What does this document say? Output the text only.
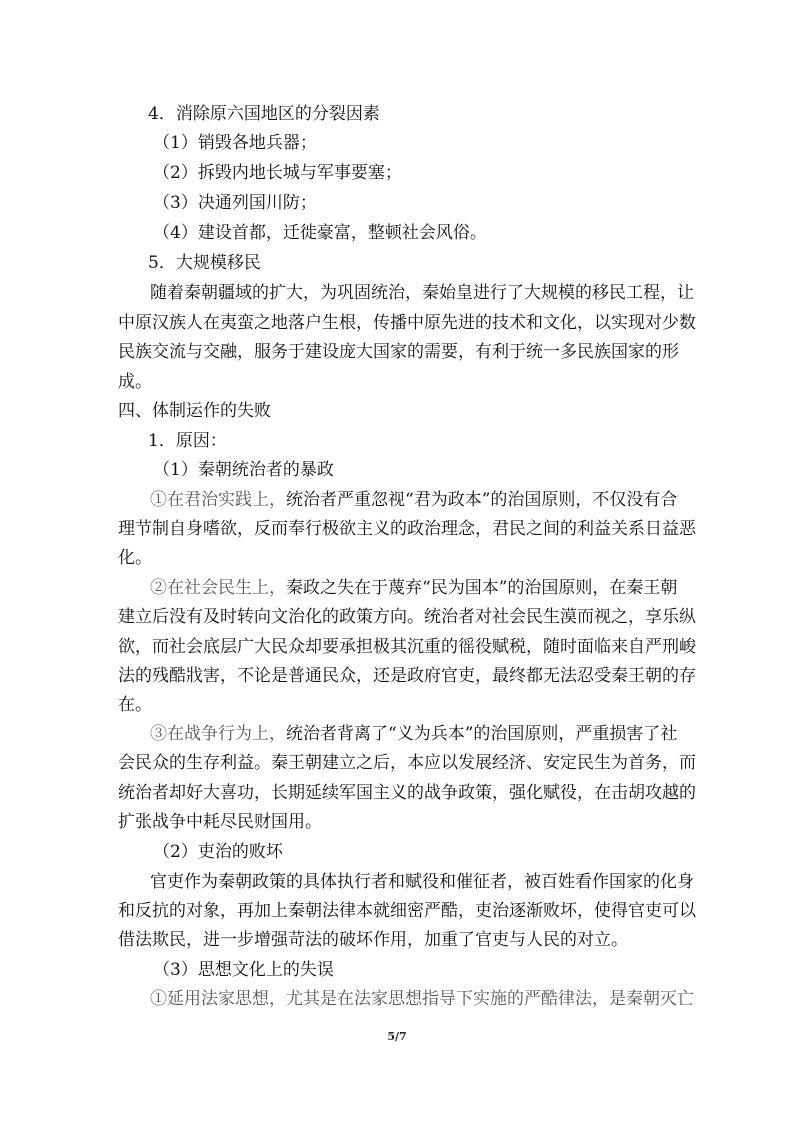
4．消除原六国地区的分裂因素
（1）销毁各地兵器；
（2）拆毁内地长城与军事要塞；
（3）决通列国川防；
（4）建设首都，迁徙豪富，整顿社会风俗。
5．大规模移民
随着秦朝疆域的扩大，为巩固统治，秦始皇进行了大规模的移民工程，让
中原汉族人在夷蛮之地落户生根，传播中原先进的技术和文化，以实现对少数
民族交流与交融，服务于建设庞大国家的需要，有利于统一多民族国家的形
成。
四、体制运作的失败
1．原因：
（1）秦朝统治者的暴政
①在君治实践上，统治者严重忽视“君为政本”的治国原则，不仅没有合
理节制自身嗜欲，反而奉行极欲主义的政治理念，君民之间的利益关系日益恶
化。
②在社会民生上，秦政之失在于蔑弃“民为国本”的治国原则，在秦王朝
建立后没有及时转向文治化的政策方向。统治者对社会民生漠而视之，享乐纵
欲，而社会底层广大民众却要承担极其沉重的徭役赋税，随时面临来自严刑峻
法的残酷戕害，不论是普通民众，还是政府官吏，最终都无法忍受秦王朝的存
在。
③在战争行为上，统治者背离了“义为兵本”的治国原则，严重损害了社
会民众的生存利益。秦王朝建立之后，本应以发展经济、安定民生为首务，而
统治者却好大喜功，长期延续军国主义的战争政策，强化赋役，在击胡攻越的
扩张战争中耗尽民财国用。
（2）吏治的败坏
官吏作为秦朝政策的具体执行者和赋役和催征者，被百姓看作国家的化身
和反抗的对象，再加上秦朝法律本就细密严酷，吏治逐渐败坏，使得官吏可以
借法欺民，进一步增强苛法的破坏作用，加重了官吏与人民的对立。
（3）思想文化上的失误
①延用法家思想，尤其是在法家思想指导下实施的严酷律法，是秦朝灭亡
5/7
